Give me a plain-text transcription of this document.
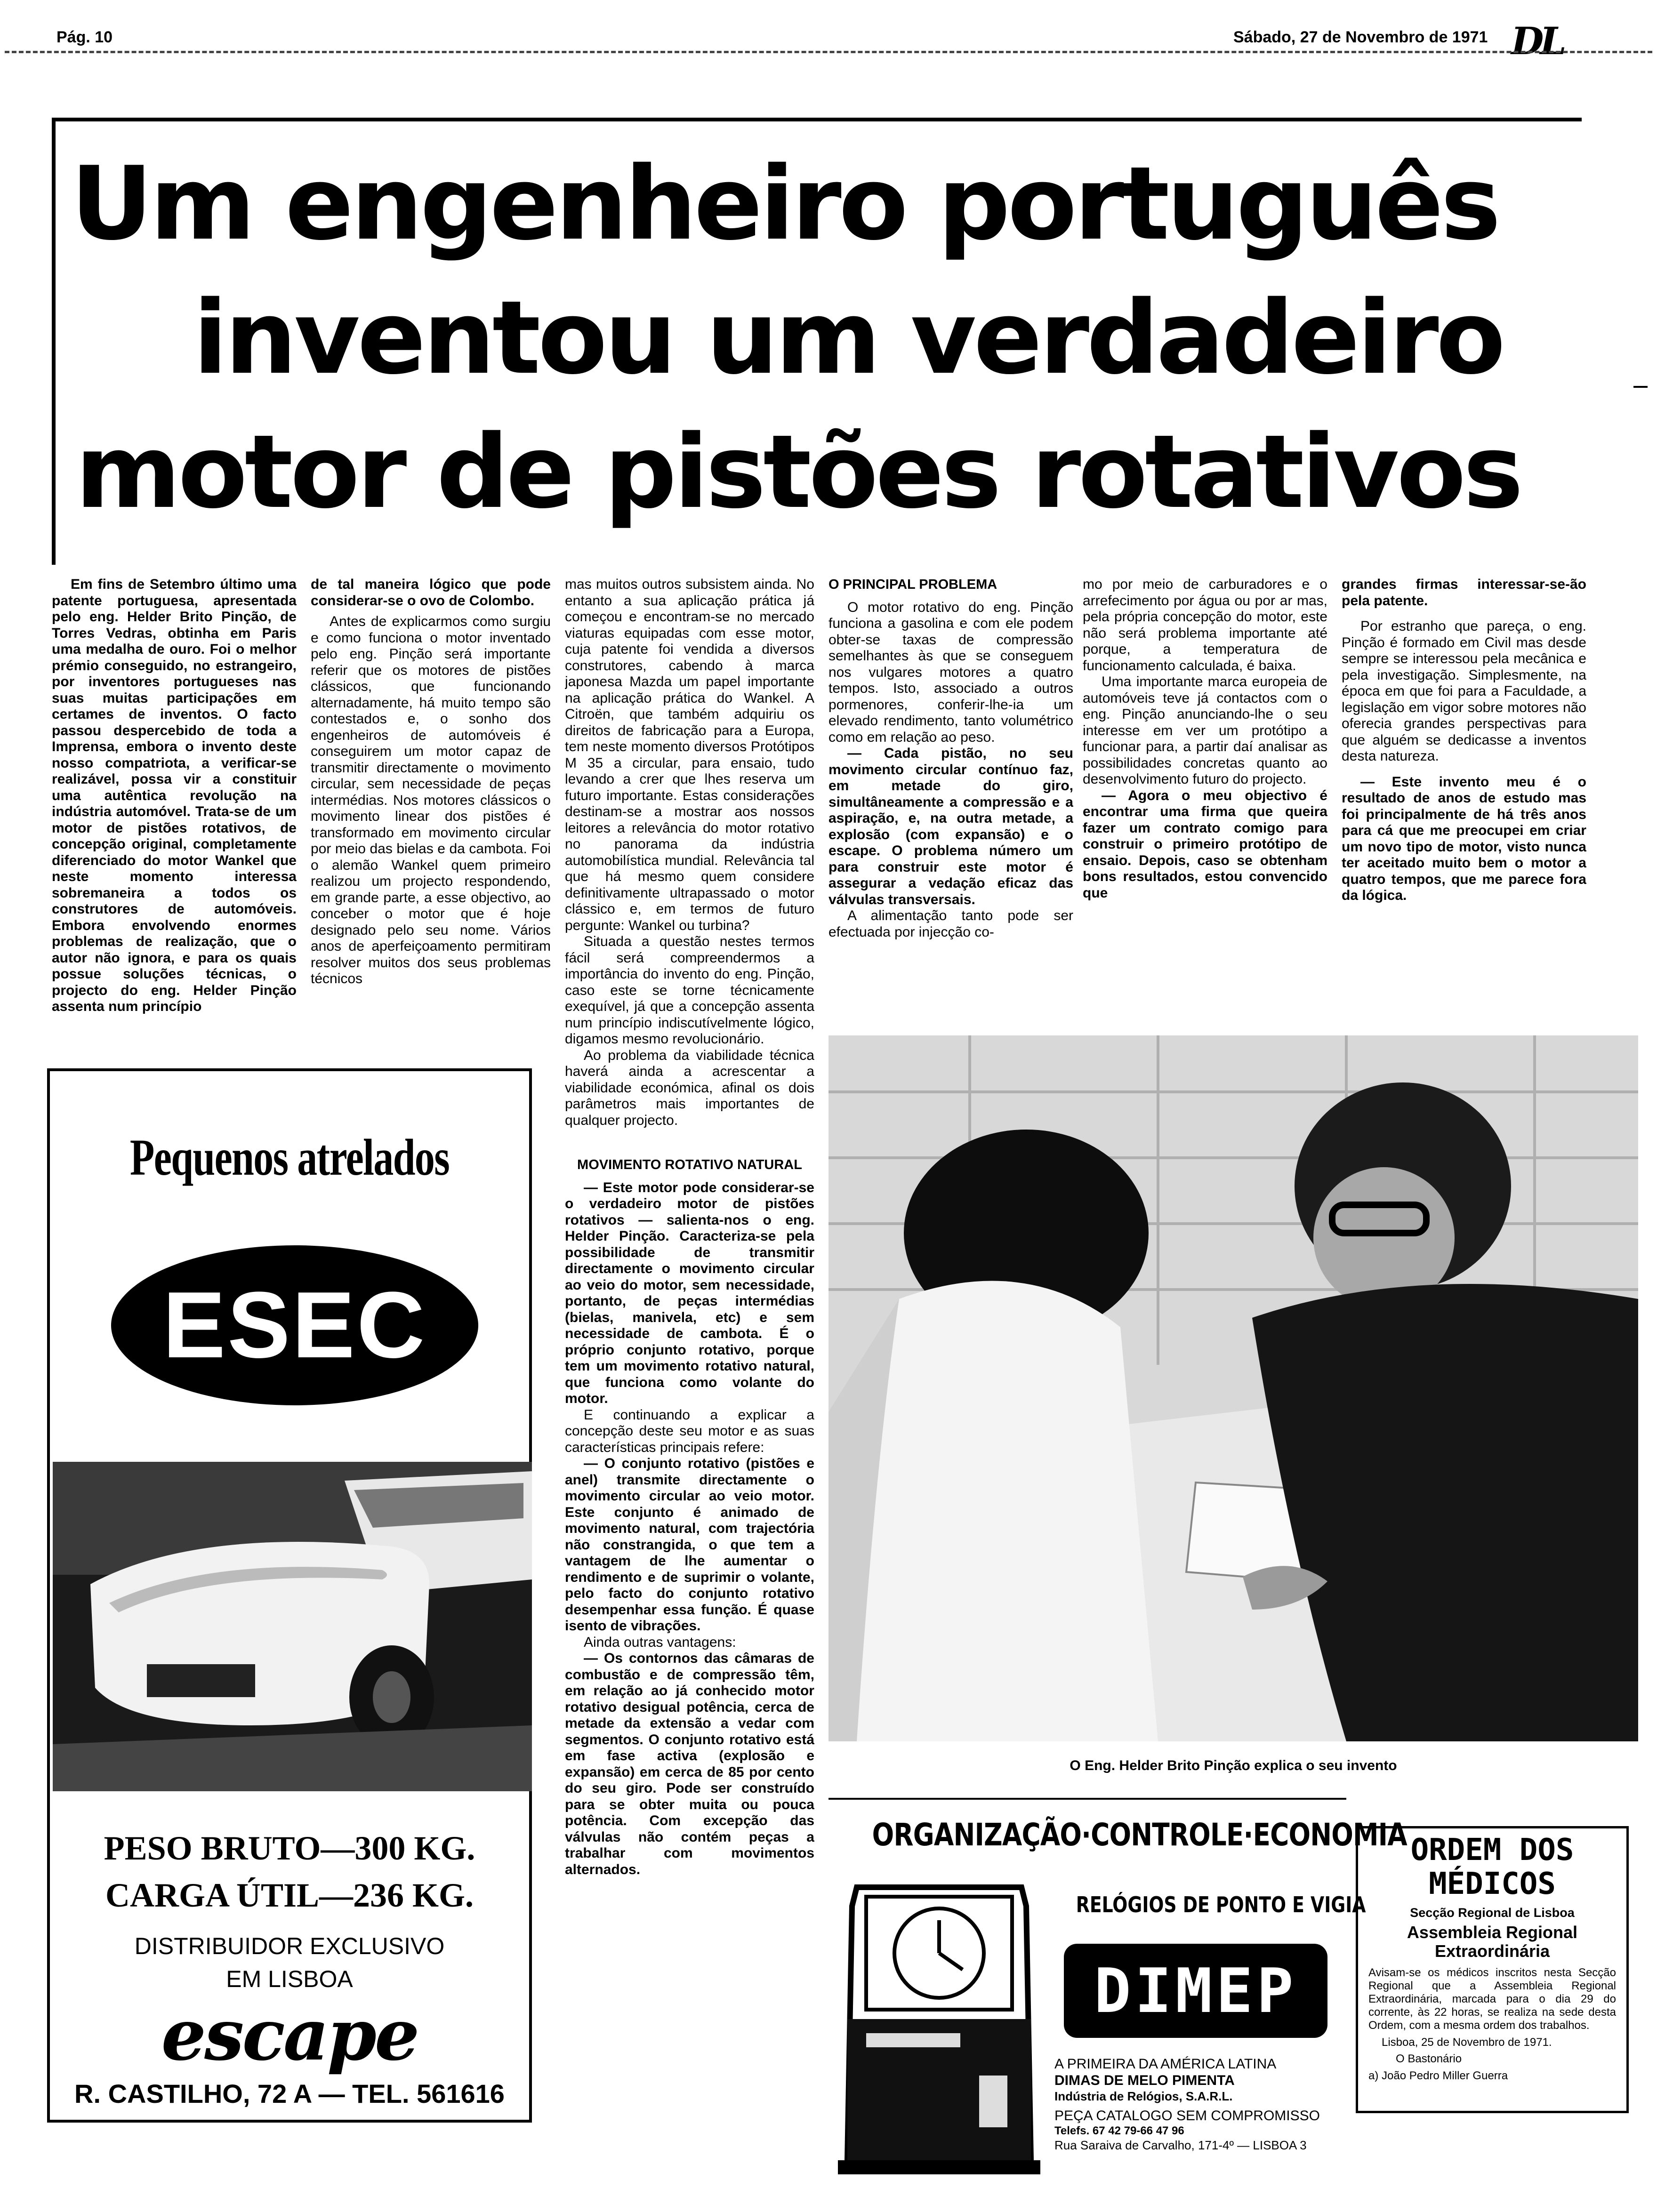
Pág. 10	Sábado, 27 de Novembro de 1971 DL
Um engenheiro português
inventou um verdadeiro
motor de pistões rotativos

Em fins de Setembro último uma patente portuguesa, apresentada pelo eng. Helder Brito Pinção, de Torres Vedras, obtinha em Paris uma medalha de ouro. Foi o melhor prémio conseguido, no estrangeiro, por inventores portugueses nas suas muitas participações em certames de inventos. O facto passou despercebido de toda a Imprensa, embora o invento deste nosso compatriota, a verificar-se realizável, possa vir a constituir uma autêntica revolução na indústria automóvel. Trata-se de um motor de pistões rotativos, de concepção original, completamente diferenciado do motor Wankel que neste momento interessa sobremaneira a todos os construtores de automóveis. Embora envolvendo enormes problemas de realização, que o autor não ignora, e para os quais possue soluções técnicas, o projecto do eng. Helder Pinção assenta num princípio

de tal maneira lógico que pode considerar-se o ovo de Colombo.

Antes de explicarmos como surgiu e como funciona o motor inventado pelo eng. Pinção será importante referir que os motores de pistões clássicos, que funcionando alternadamente, há muito tempo são contestados e, o sonho dos engenheiros de automóveis é conseguirem um motor capaz de transmitir directamente o movimento circular, sem necessidade de peças intermédias. Nos motores clássicos o movimento linear dos pistões é transformado em movimento circular por meio das bielas e da cambota. Foi o alemão Wankel quem primeiro realizou um projecto respondendo, em grande parte, a esse objectivo, ao conceber o motor que é hoje designado pelo seu nome. Vários anos de aperfeiçoamento permitiram resolver muitos dos seus problemas técnicos

mas muitos outros subsistem ainda. No entanto a sua aplicação prática já começou e encontram-se no mercado viaturas equipadas com esse motor, cuja patente foi vendida a diversos construtores, cabendo à marca japonesa Mazda um papel importante na aplicação prática do Wankel. A Citroën, que também adquiriu os direitos de fabricação para a Europa, tem neste momento diversos Protótipos M 35 a circular, para ensaio, tudo levando a crer que lhes reserva um futuro importante. Estas considerações destinam-se a mostrar aos nossos leitores a relevância do motor rotativo no panorama da indústria automobilística mundial. Relevância tal que há mesmo quem considere definitivamente ultrapassado o motor clássico e, em termos de futuro pergunte: Wankel ou turbina?

Situada a questão nestes termos fácil será compreendermos a importância do invento do eng. Pinção, caso este se torne técnicamente exequível, já que a concepção assenta num princípio indiscutívelmente lógico, digamos mesmo revolucionário.

Ao problema da viabilidade técnica haverá ainda a acrescentar a viabilidade económica, afinal os dois parâmetros mais importantes de qualquer projecto.

MOVIMENTO ROTATIVO NATURAL

— Este motor pode considerar-se o verdadeiro motor de pistões rotativos — salienta-nos o eng. Helder Pinção. Caracteriza-se pela possibilidade de transmitir directamente o movimento circular ao veio do motor, sem necessidade, portanto, de peças intermédias (bielas, manivela, etc) e sem necessidade de cambota. É o próprio conjunto rotativo, porque tem um movimento rotativo natural, que funciona como volante do motor.

E continuando a explicar a concepção deste seu motor e as suas características principais refere:

— O conjunto rotativo (pistões e anel) transmite directamente o movimento circular ao veio motor. Este conjunto é animado de movimento natural, com trajectória não constrangida, o que tem a vantagem de lhe aumentar o rendimento e de suprimir o volante, pelo facto do conjunto rotativo desempenhar essa função. É quase isento de vibrações.

Ainda outras vantagens:

— Os contornos das câmaras de combustão e de compressão têm, em relação ao já conhecido motor rotativo desigual potência, cerca de metade da extensão a vedar com segmentos. O conjunto rotativo está em fase activa (explosão e expansão) em cerca de 85 por cento do seu giro. Pode ser construído para se obter muita ou pouca potência. Com excepção das válvulas não contém peças a trabalhar com movimentos alternados.

O PRINCIPAL PROBLEMA

O motor rotativo do eng. Pinção funciona a gasolina e com ele podem obter-se taxas de compressão semelhantes às que se conseguem nos vulgares motores a quatro tempos. Isto, associado a outros pormenores, conferir-lhe-ia um elevado rendimento, tanto volumétrico como em relação ao peso.

— Cada pistão, no seu movimento circular contínuo faz, em metade do giro, simultâneamente a compressão e a aspiração, e, na outra metade, a explosão (com expansão) e o escape. O problema número um para construir este motor é assegurar a vedação eficaz das válvulas transversais.

A alimentação tanto pode ser efectuada por injecção co-

mo por meio de carburadores e o arrefecimento por água ou por ar mas, pela própria concepção do motor, este não será problema importante até porque, a temperatura de funcionamento calculada, é baixa.

Uma importante marca europeia de automóveis teve já contactos com o eng. Pinção anunciando-lhe o seu interesse em ver um protótipo a funcionar para, a partir daí analisar as possibilidades concretas quanto ao desenvolvimento futuro do projecto.

— Agora o meu objectivo é encontrar uma firma que queira fazer um contrato comigo para construir o primeiro protótipo de ensaio. Depois, caso se obtenham bons resultados, estou convencido que

grandes firmas interessar-se-ão pela patente.

Por estranho que pareça, o eng. Pinção é formado em Civil mas desde sempre se interessou pela mecânica e pela investigação. Simplesmente, na época em que foi para a Faculdade, a legislação em vigor sobre motores não oferecia grandes perspectivas para que alguém se dedicasse a inventos desta natureza.

— Este invento meu é o resultado de anos de estudo mas foi principalmente de há três anos para cá que me preocupei em criar um novo tipo de motor, visto nunca ter aceitado muito bem o motor a quatro tempos, que me parece fora da lógica.

Pequenos atrelados
ESEC
PESO BRUTO—300 KG.
CARGA ÚTIL—236 KG.
DISTRIBUIDOR EXCLUSIVO
EM LISBOA
escape
R. CASTILHO, 72 A — TEL. 561616
O Eng. Helder Brito Pinção explica o seu invento
ORGANIZAÇÃO·CONTROLE·ECONOMIA
RELÓGIOS DE PONTO E VIGIA
DIMEP
A PRIMEIRA DA AMÉRICA LATINA
DIMAS DE MELO PIMENTA
Indústria de Relógios, S.A.R.L.
PEÇA CATALOGO SEM COMPROMISSO
Telefs. 67 42 79-66 47 96
Rua Saraiva de Carvalho, 171-4º — LISBOA 3
ORDEM DOS
MÉDICOS
Secção Regional de Lisboa
Assembleia Regional
Extraordinária
Avisam-se os médicos inscritos nesta Secção Regional que a Assembleia Regional Extraordinária, marcada para o dia 29 do corrente, às 22 horas, se realiza na sede desta Ordem, com a mesma ordem dos trabalhos.
Lisboa, 25 de Novembro de 1971.
O Bastonário
a) João Pedro Miller Guerra
